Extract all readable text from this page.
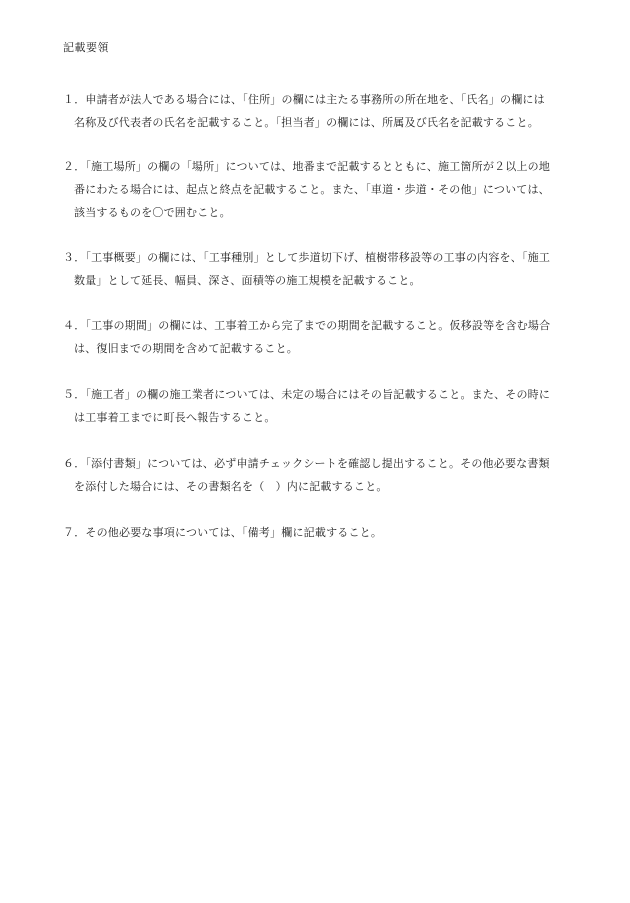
記載要領
１．申請者が法人である場合には、「住所」の欄には主たる事務所の所在地を、「氏名」の欄には
名称及び代表者の氏名を記載すること。「担当者」の欄には、所属及び氏名を記載すること。
２．「施工場所」の欄の「場所」については、地番まで記載するとともに、施工箇所が２以上の地
番にわたる場合には、起点と終点を記載すること。また、「車道・歩道・その他」については、
該当するものを〇で囲むこと。
３．「工事概要」の欄には、「工事種別」として歩道切下げ、植樹帯移設等の工事の内容を、「施工
数量」として延長、幅員、深さ、面積等の施工規模を記載すること。
４．「工事の期間」の欄には、工事着工から完了までの期間を記載すること。仮移設等を含む場合
は、復旧までの期間を含めて記載すること。
５．「施工者」の欄の施工業者については、未定の場合にはその旨記載すること。また、その時に
は工事着工までに町長へ報告すること。
６．「添付書類」については、必ず申請チェックシートを確認し提出すること。その他必要な書類
を添付した場合には、その書類名を（　）内に記載すること。
７．その他必要な事項については、「備考」欄に記載すること。
